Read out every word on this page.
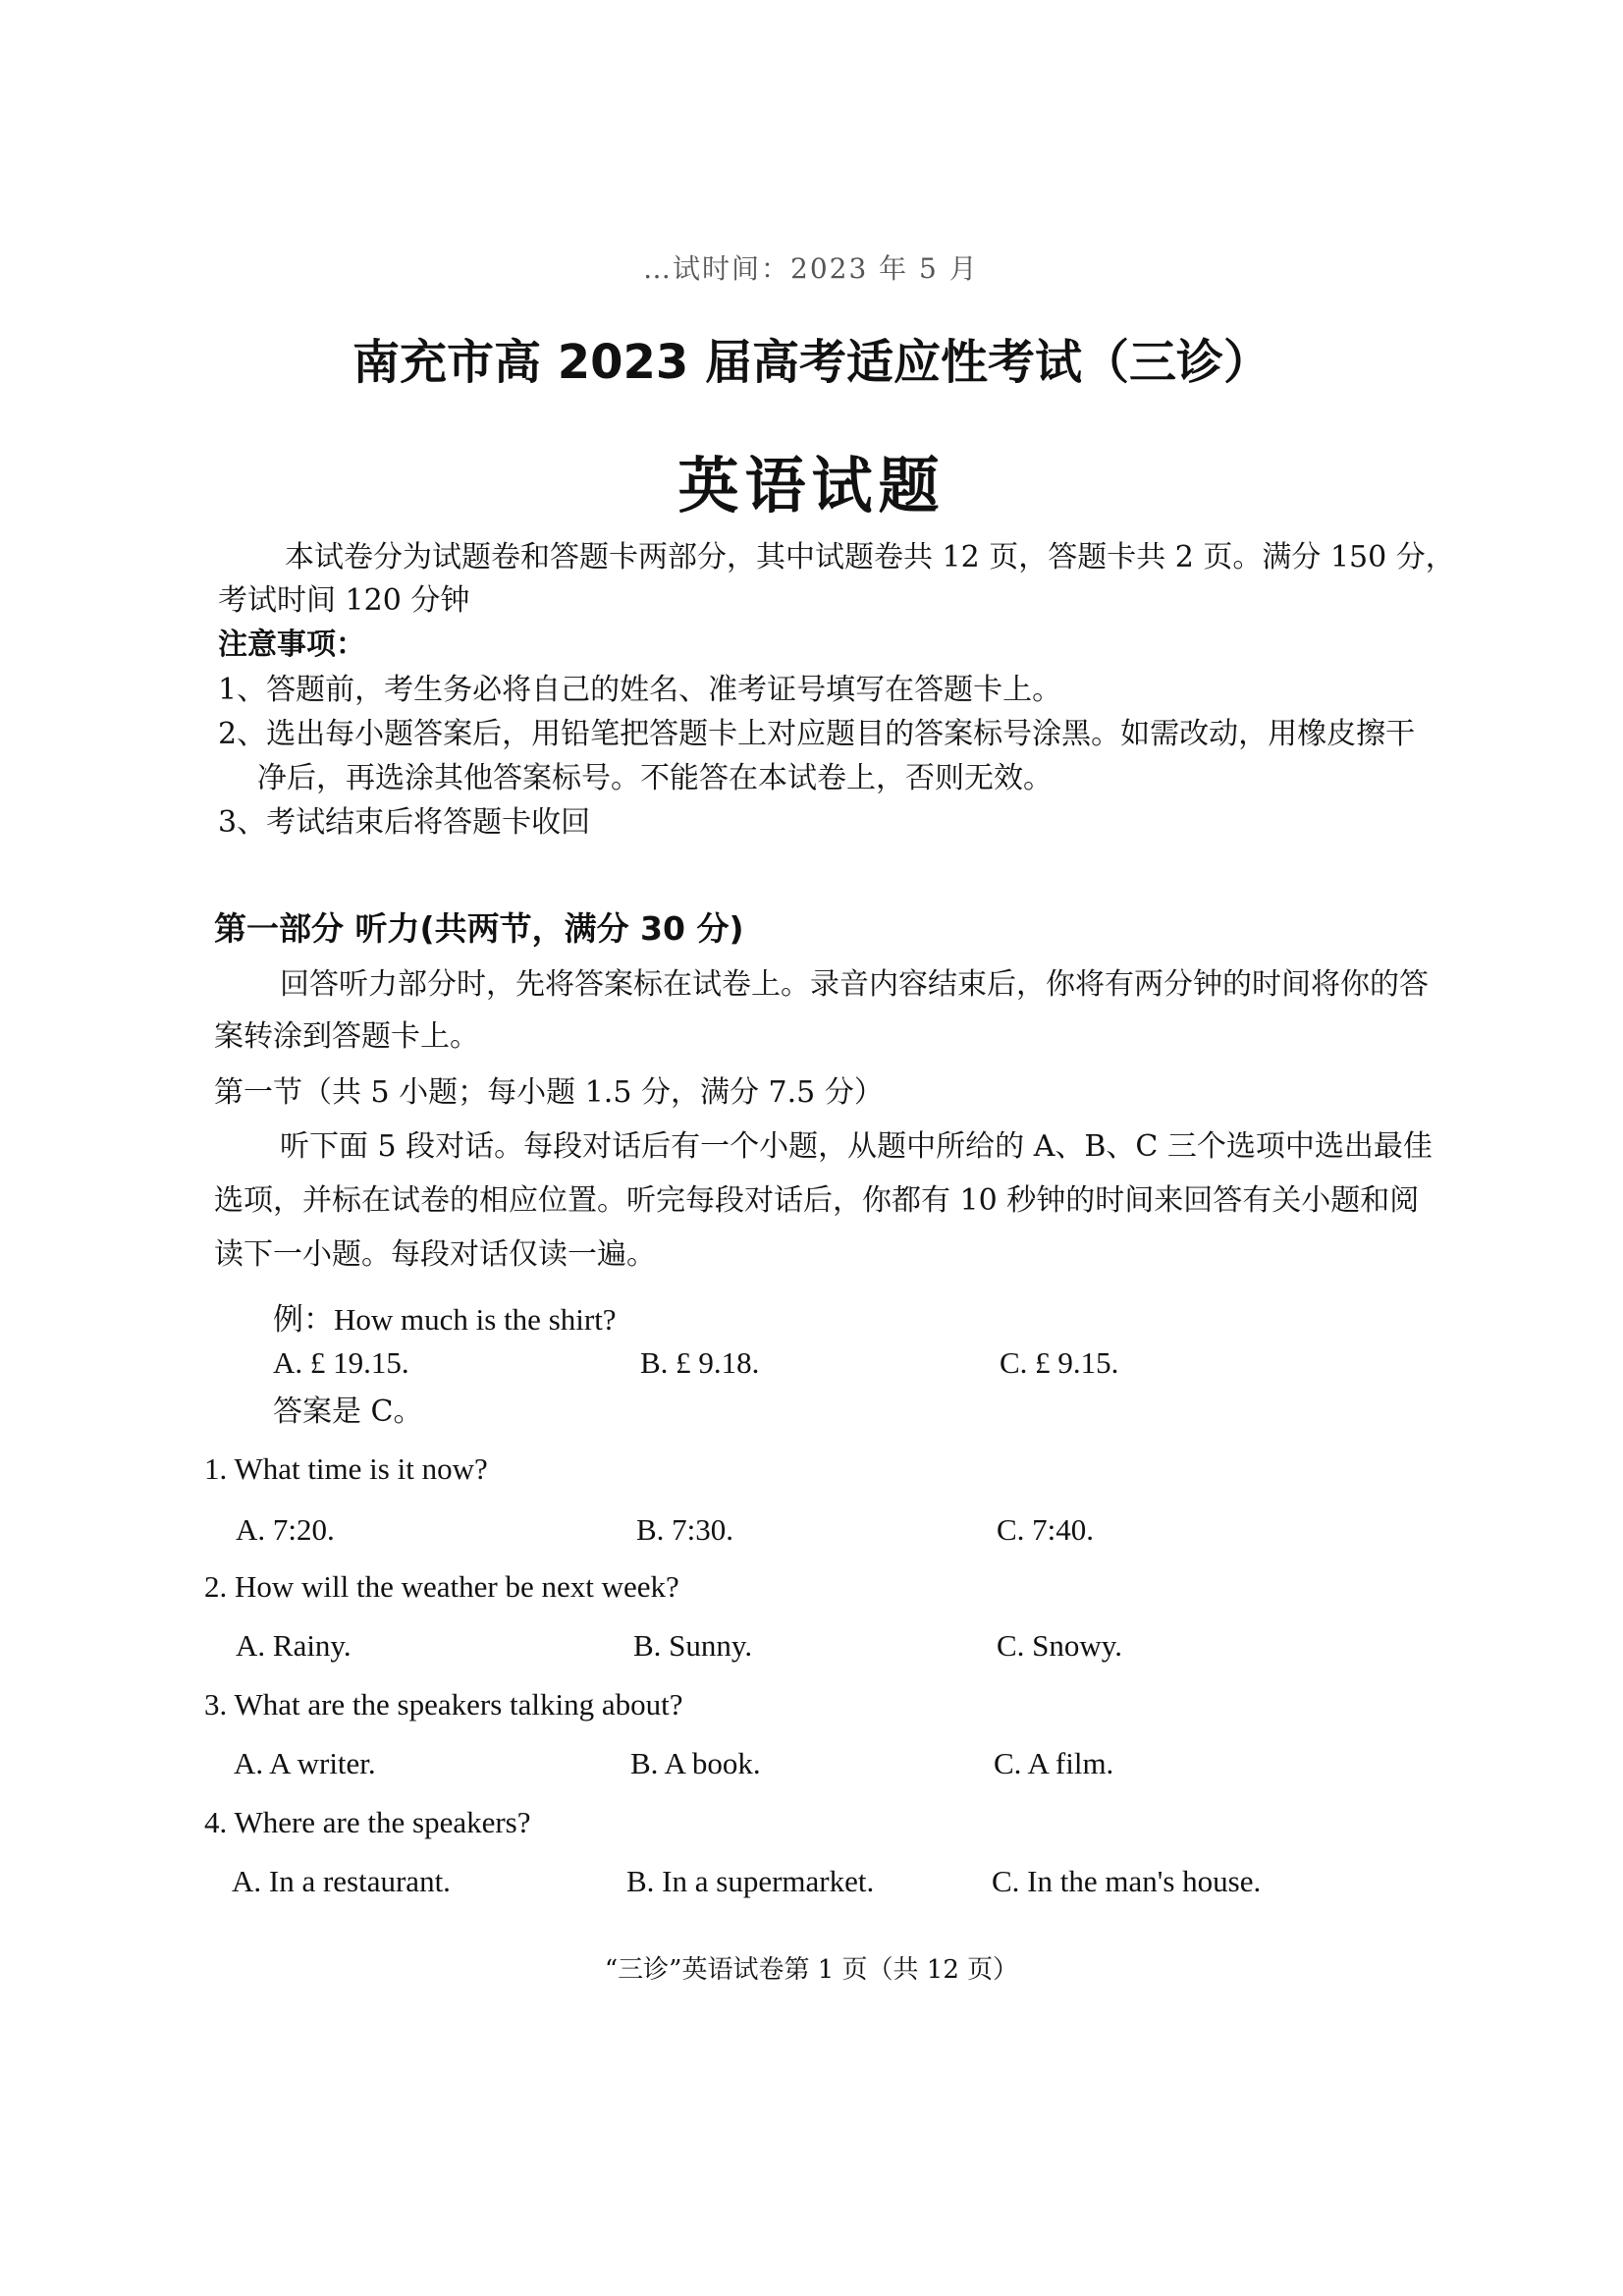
…试时间：2023 年 5 月
南充市高 2023 届高考适应性考试（三诊）
英语试题
本试卷分为试题卷和答题卡两部分，其中试题卷共 12 页，答题卡共 2 页。满分 150 分，
考试时间 120 分钟
注意事项：
1、答题前，考生务必将自己的姓名、准考证号填写在答题卡上。
2、选出每小题答案后，用铅笔把答题卡上对应题目的答案标号涂黑。如需改动，用橡皮擦干
净后，再选涂其他答案标号。不能答在本试卷上，否则无效。
3、考试结束后将答题卡收回
第一部分 听力(共两节，满分 30 分)
回答听力部分时，先将答案标在试卷上。录音内容结束后，你将有两分钟的时间将你的答
案转涂到答题卡上。
第一节（共 5 小题；每小题 1.5 分，满分 7.5 分）
听下面 5 段对话。每段对话后有一个小题，从题中所给的 A、B、C 三个选项中选出最佳
选项，并标在试卷的相应位置。听完每段对话后，你都有 10 秒钟的时间来回答有关小题和阅
读下一小题。每段对话仅读一遍。
例：How much is the shirt?
A. £ 19.15.	B. £ 9.18.	C. £ 9.15.
答案是 C。
1. What time is it now?
A. 7:20.	B. 7:30.	C. 7:40.
2. How will the weather be next week?
A. Rainy.	B. Sunny.	C. Snowy.
3. What are the speakers talking about?
A. A writer.	B. A book.	C. A film.
4. Where are the speakers?
A. In a restaurant.	B. In a supermarket.	C. In the man's house.
“三诊”英语试卷第 1 页（共 12 页）
